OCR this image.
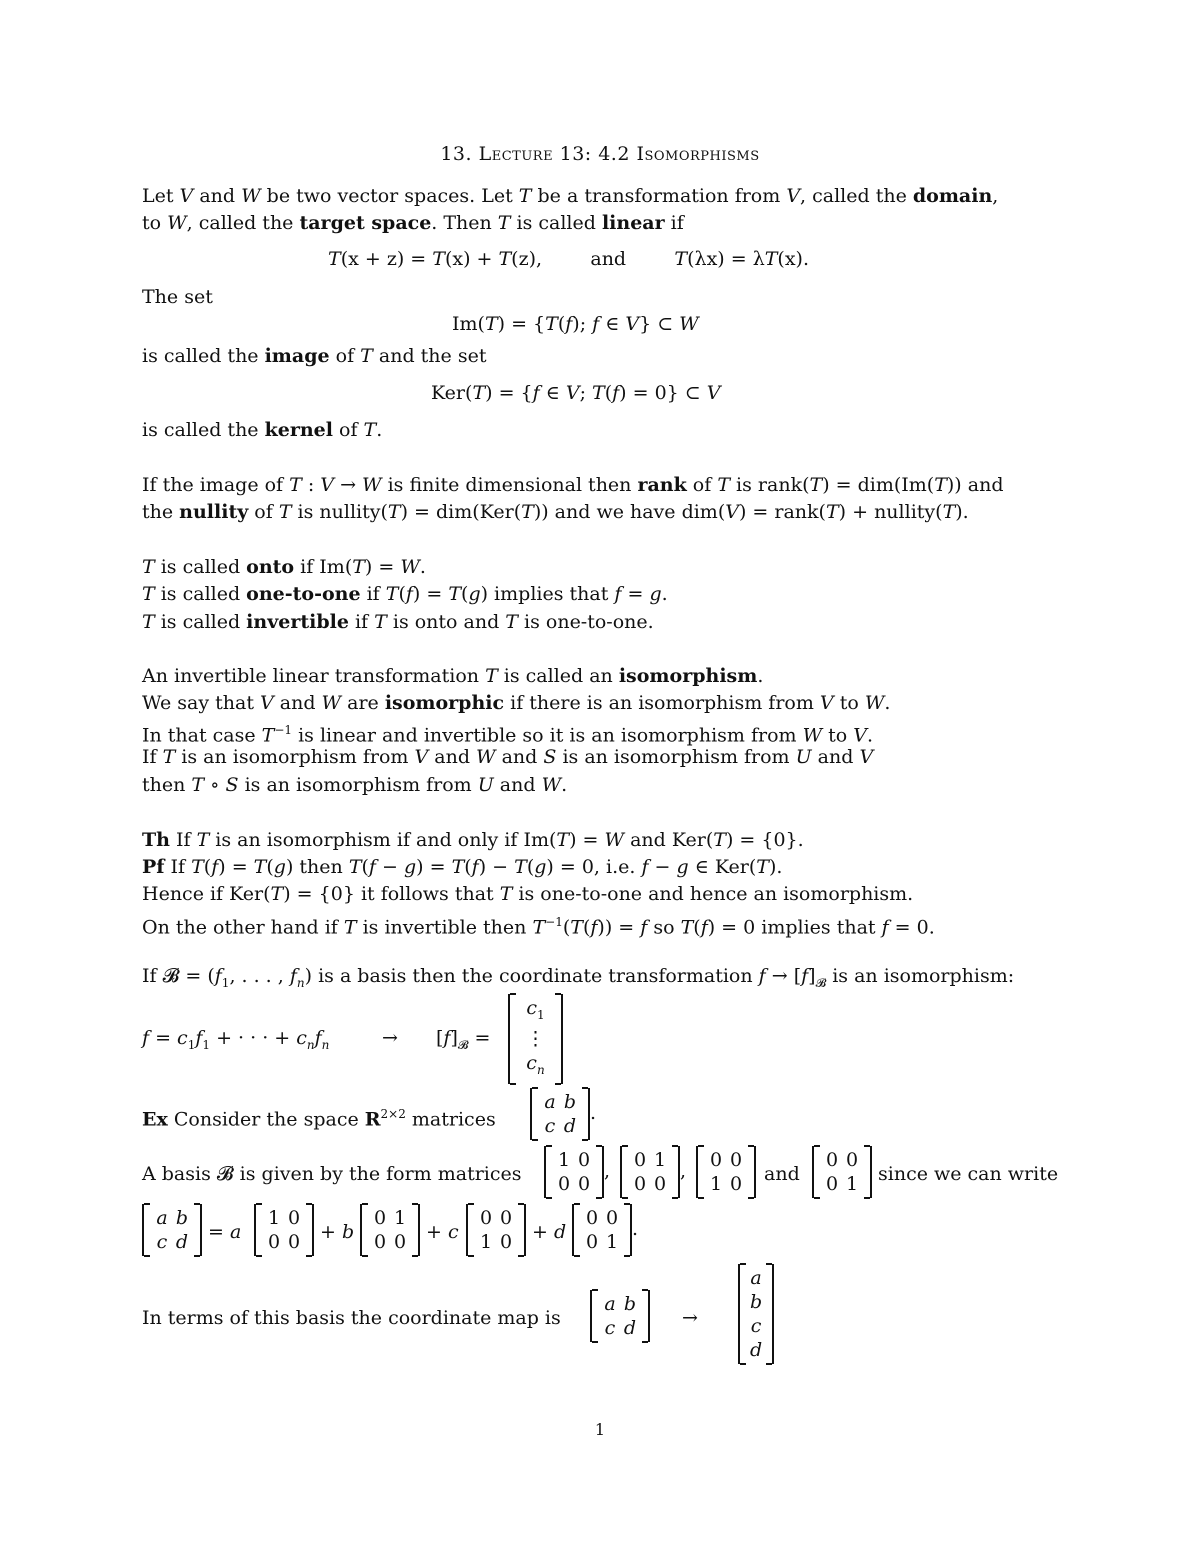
13. Lecture 13: 4.2 Isomorphisms
Let V and W be two vector spaces. Let T be a transformation from V, called the domain,
to W, called the target space. Then T is called linear if
T(x + z) = T(x) + T(z),        and        T(λx) = λT(x).
The set
Im(T) = {T(f); f ∈ V} ⊂ W
is called the image of T and the set
Ker(T) = {f ∈ V; T(f) = 0} ⊂ V
is called the kernel of T.
If the image of T : V → W is finite dimensional then rank of T is rank(T) = dim(Im(T)) and
the nullity of T is nullity(T) = dim(Ker(T)) and we have dim(V) = rank(T) + nullity(T).
T is called onto if Im(T) = W.
T is called one-to-one if T(f) = T(g) implies that f = g.
T is called invertible if T is onto and T is one-to-one.
An invertible linear transformation T is called an isomorphism.
We say that V and W are isomorphic if there is an isomorphism from V to W.
In that case $T^{-1}$ is linear and invertible so it is an isomorphism from W to V.
If T is an isomorphism from V and W and S is an isomorphism from U and V
then T ∘ S is an isomorphism from U and W.
Th If T is an isomorphism if and only if Im(T) = W and Ker(T) = {0}.
Pf If T(f) = T(g) then T(f − g) = T(f) − T(g) = 0, i.e. f − g ∈ Ker(T).
Hence if Ker(T) = {0} it follows that T is one-to-one and hence an isomorphism.
On the other hand if T is invertible then $T^{-1}(T(f)) = f$ so T(f) = 0 implies that f = 0.
If 𝓑 = ($f_1$, . . . , $f_n$) is a basis then the coordinate transformation $f \to [f]_𝓑$ is an isomorphism:
$f = c_1f_1$ + · · · + $c_nf_n$	→ $[f]_𝓑$ =
$c_1$
⋮
$c_n$
Ex Consider the space $R^{2\times 2}$ matrices
a b
c d
.
A basis 𝓑 is given by the form matrices
1 0
0 0
, 0 1
0 0
, 0 0
1 0 and
0 0
0 1 since we can write
a b
c d = a
1 0
0 0 + b
0 1
0 0 + c
0 0
1 0 + d
0 0
0 1
.
In terms of this basis the coordinate map is
a b
c d →
a
b
c
d
1
